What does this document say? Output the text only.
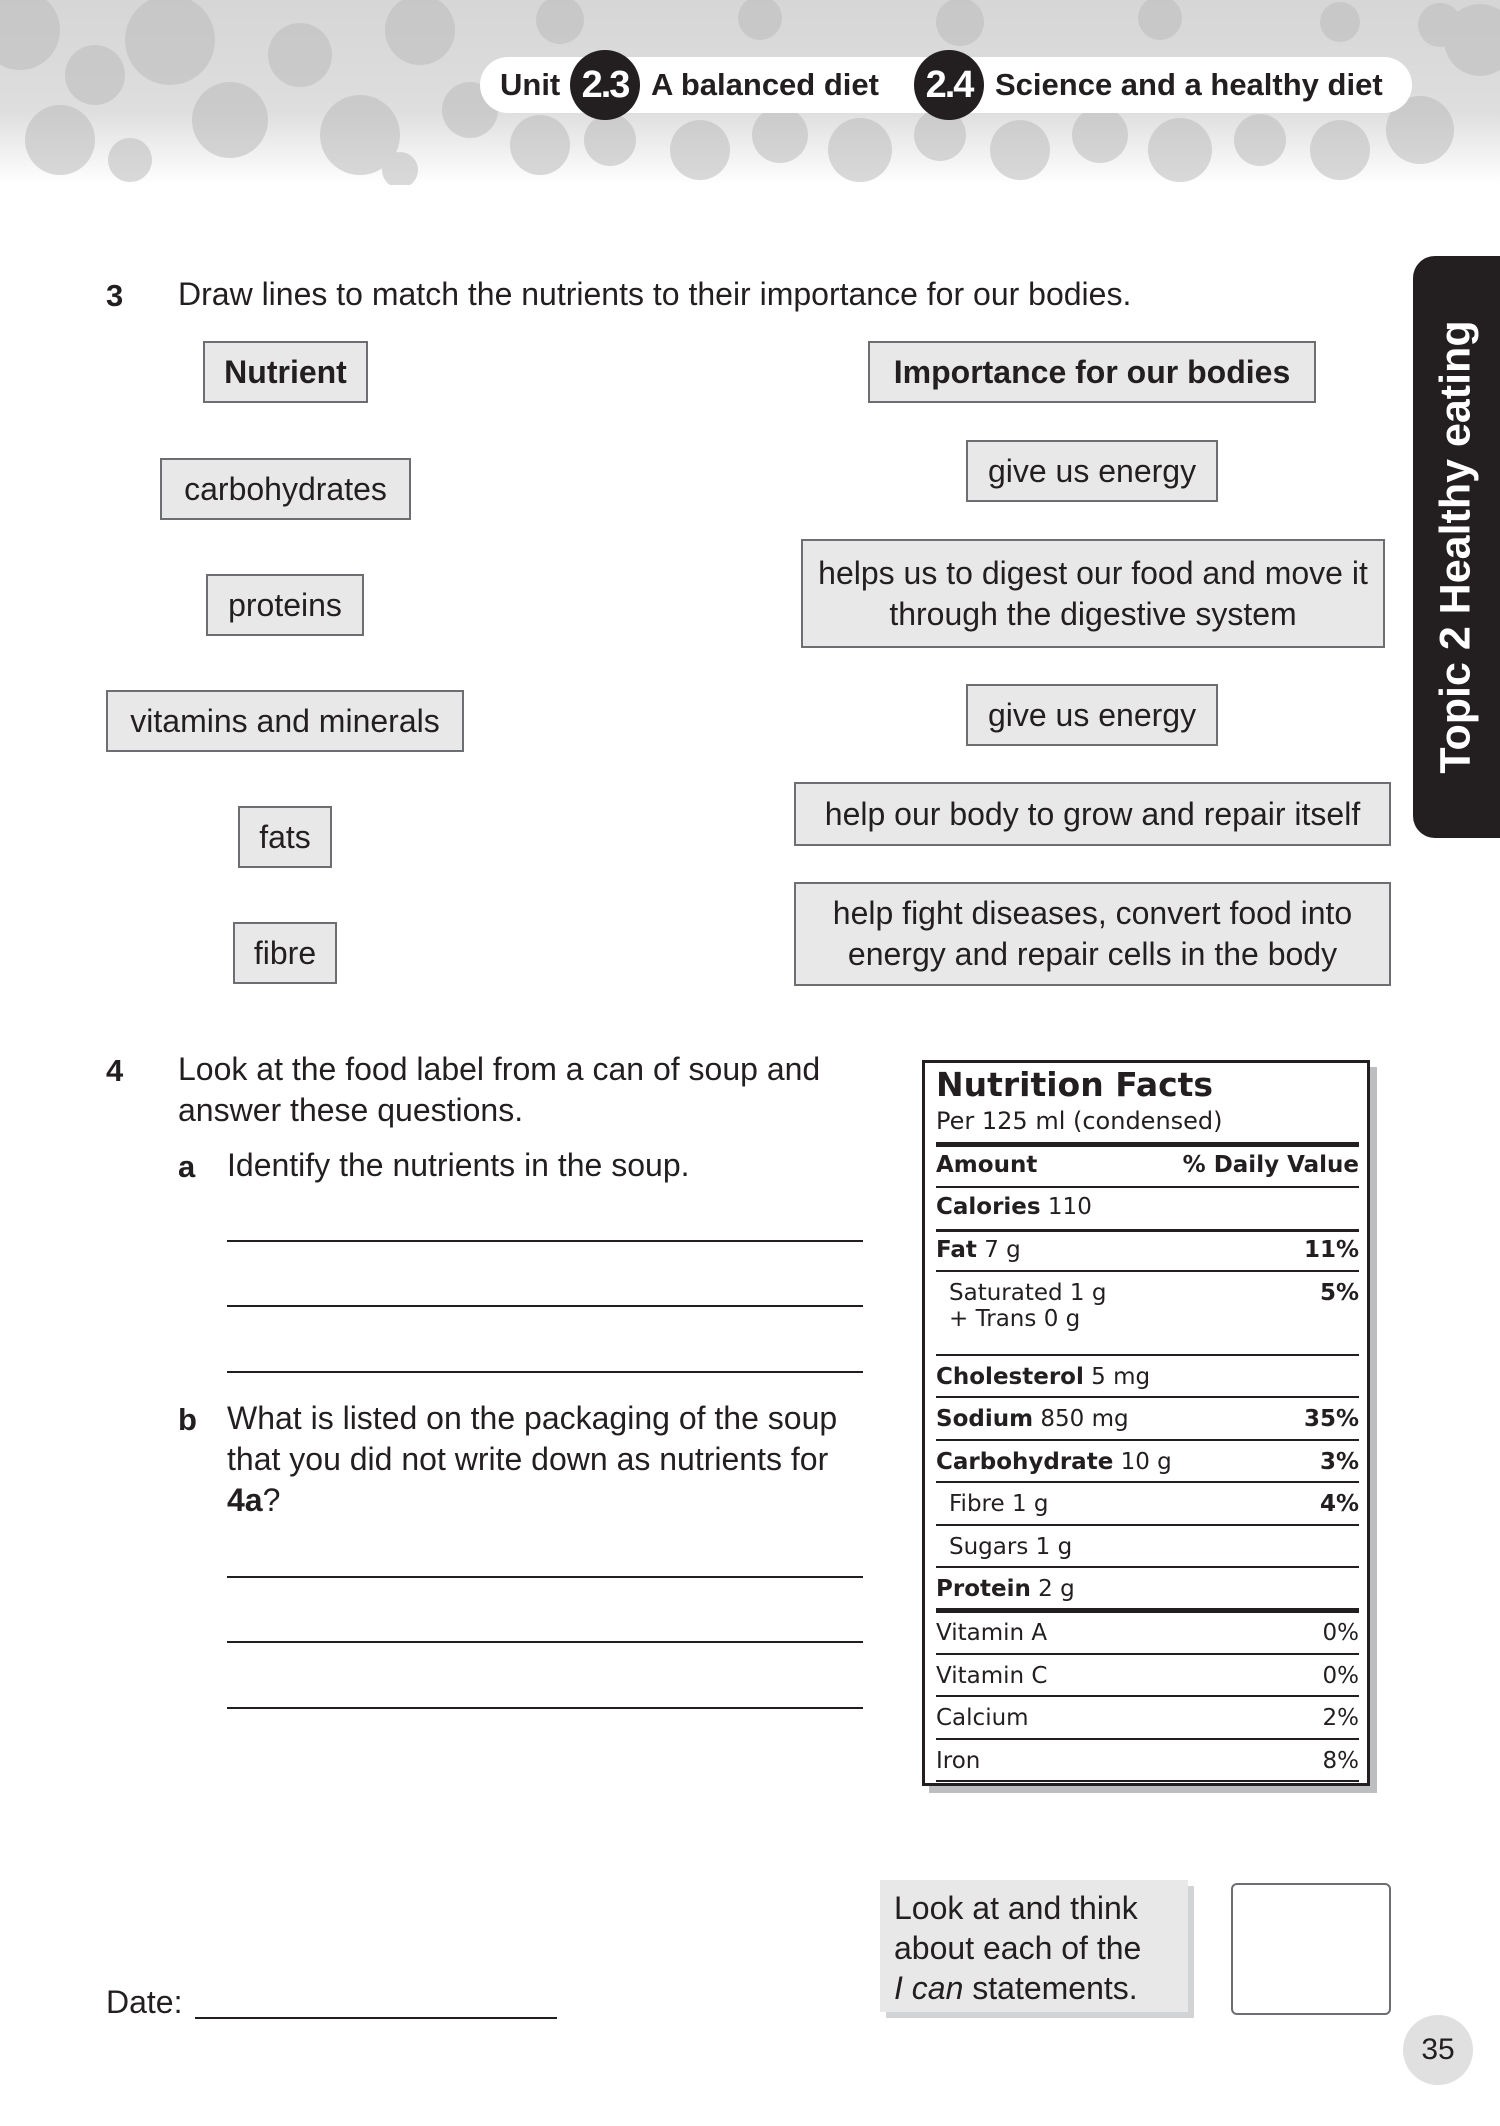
Unit 2.3 A balanced diet	2.4 Science and a healthy diet
Topic 2 Healthy eating
3 Draw lines to match the nutrients to their importance for our bodies.
Nutrient	Importance for our bodies
carbohydrates
proteins
vitamins and minerals
fats
fibre
give us energy
helps us to digest our food and move it through the digestive system
give us energy
help our body to grow and repair itself
help fight diseases, convert food into energy and repair cells in the body
4 Look at the food label from a can of soup and answer these questions.
a Identify the nutrients in the soup.
b What is listed on the packaging of the soup that you did not write down as nutrients for 4a?
Nutrition Facts
Per 125 ml (condensed)
Amount	% Daily Value
Calories 110
Fat 7 g	11%
Saturated 1 g	5%
+ Trans 0 g
Cholesterol 5 mg
Sodium 850 mg	35%
Carbohydrate 10 g	3%
Fibre 1 g	4%
Sugars 1 g
Protein 2 g
Vitamin A	0%
Vitamin C	0%
Calcium	2%
Iron	8%
Date:
Look at and think
about each of the
I can statements.
35
